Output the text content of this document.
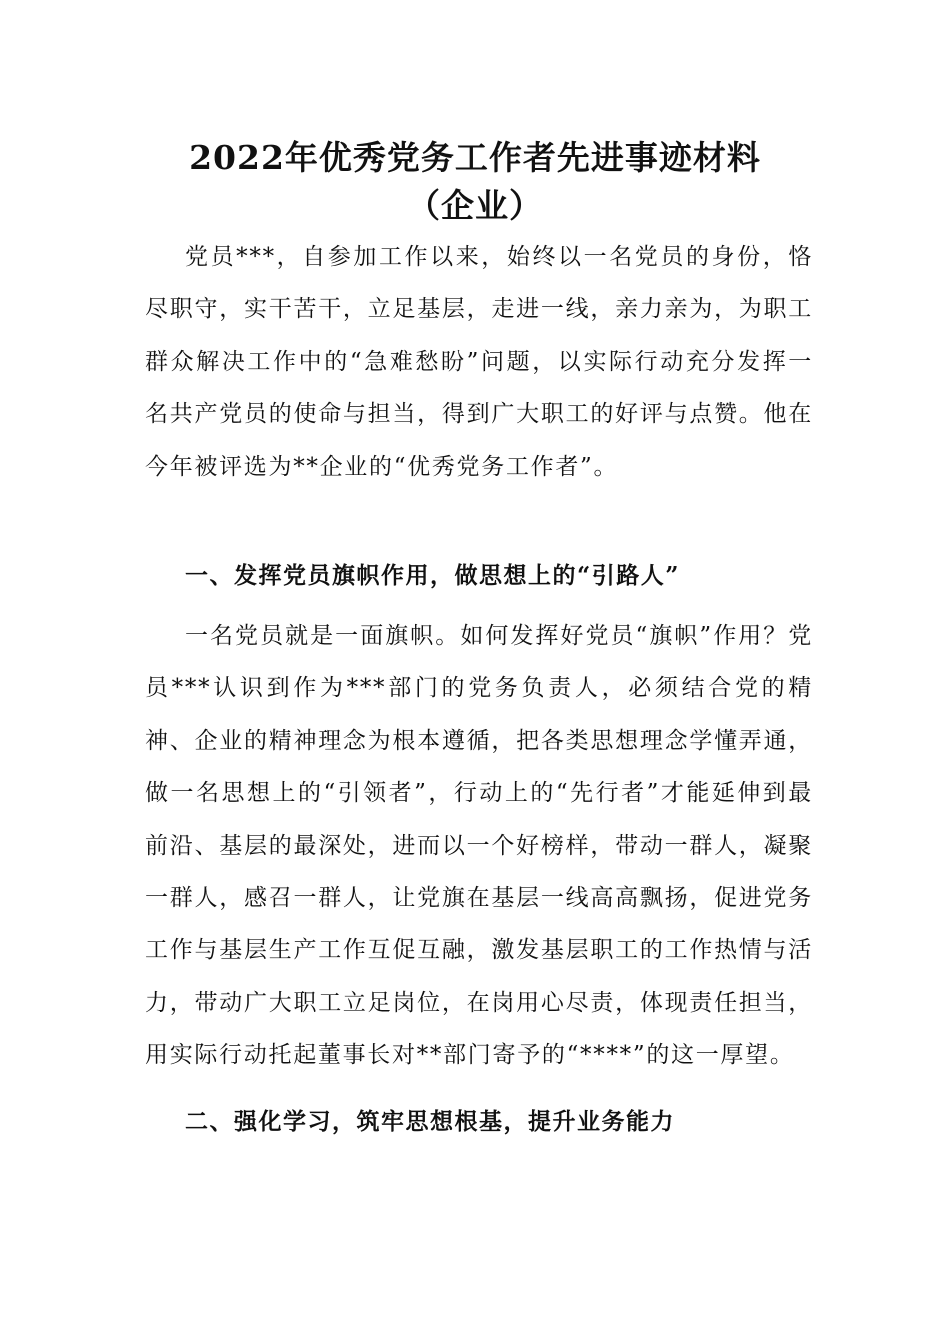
2022年优秀党务工作者先进事迹材料
（企业）

党员***，自参加工作以来，始终以一名党员的身份，恪尽职守，实干苦干，立足基层，走进一线，亲力亲为，为职工群众解决工作中的“急难愁盼”问题，以实际行动充分发挥一名共产党员的使命与担当，得到广大职工的好评与点赞。他在今年被评选为**企业的“优秀党务工作者”。

一、发挥党员旗帜作用，做思想上的“引路人”

一名党员就是一面旗帜。如何发挥好党员“旗帜”作用？党员***认识到作为***部门的党务负责人，必须结合党的精神、企业的精神理念为根本遵循，把各类思想理念学懂弄通，做一名思想上的“引领者”，行动上的“先行者”才能延伸到最前沿、基层的最深处，进而以一个好榜样，带动一群人，凝聚一群人，感召一群人，让党旗在基层一线高高飘扬，促进党务工作与基层生产工作互促互融，激发基层职工的工作热情与活力，带动广大职工立足岗位，在岗用心尽责，体现责任担当，用实际行动托起董事长对**部门寄予的“****”的这一厚望。

二、强化学习，筑牢思想根基，提升业务能力
